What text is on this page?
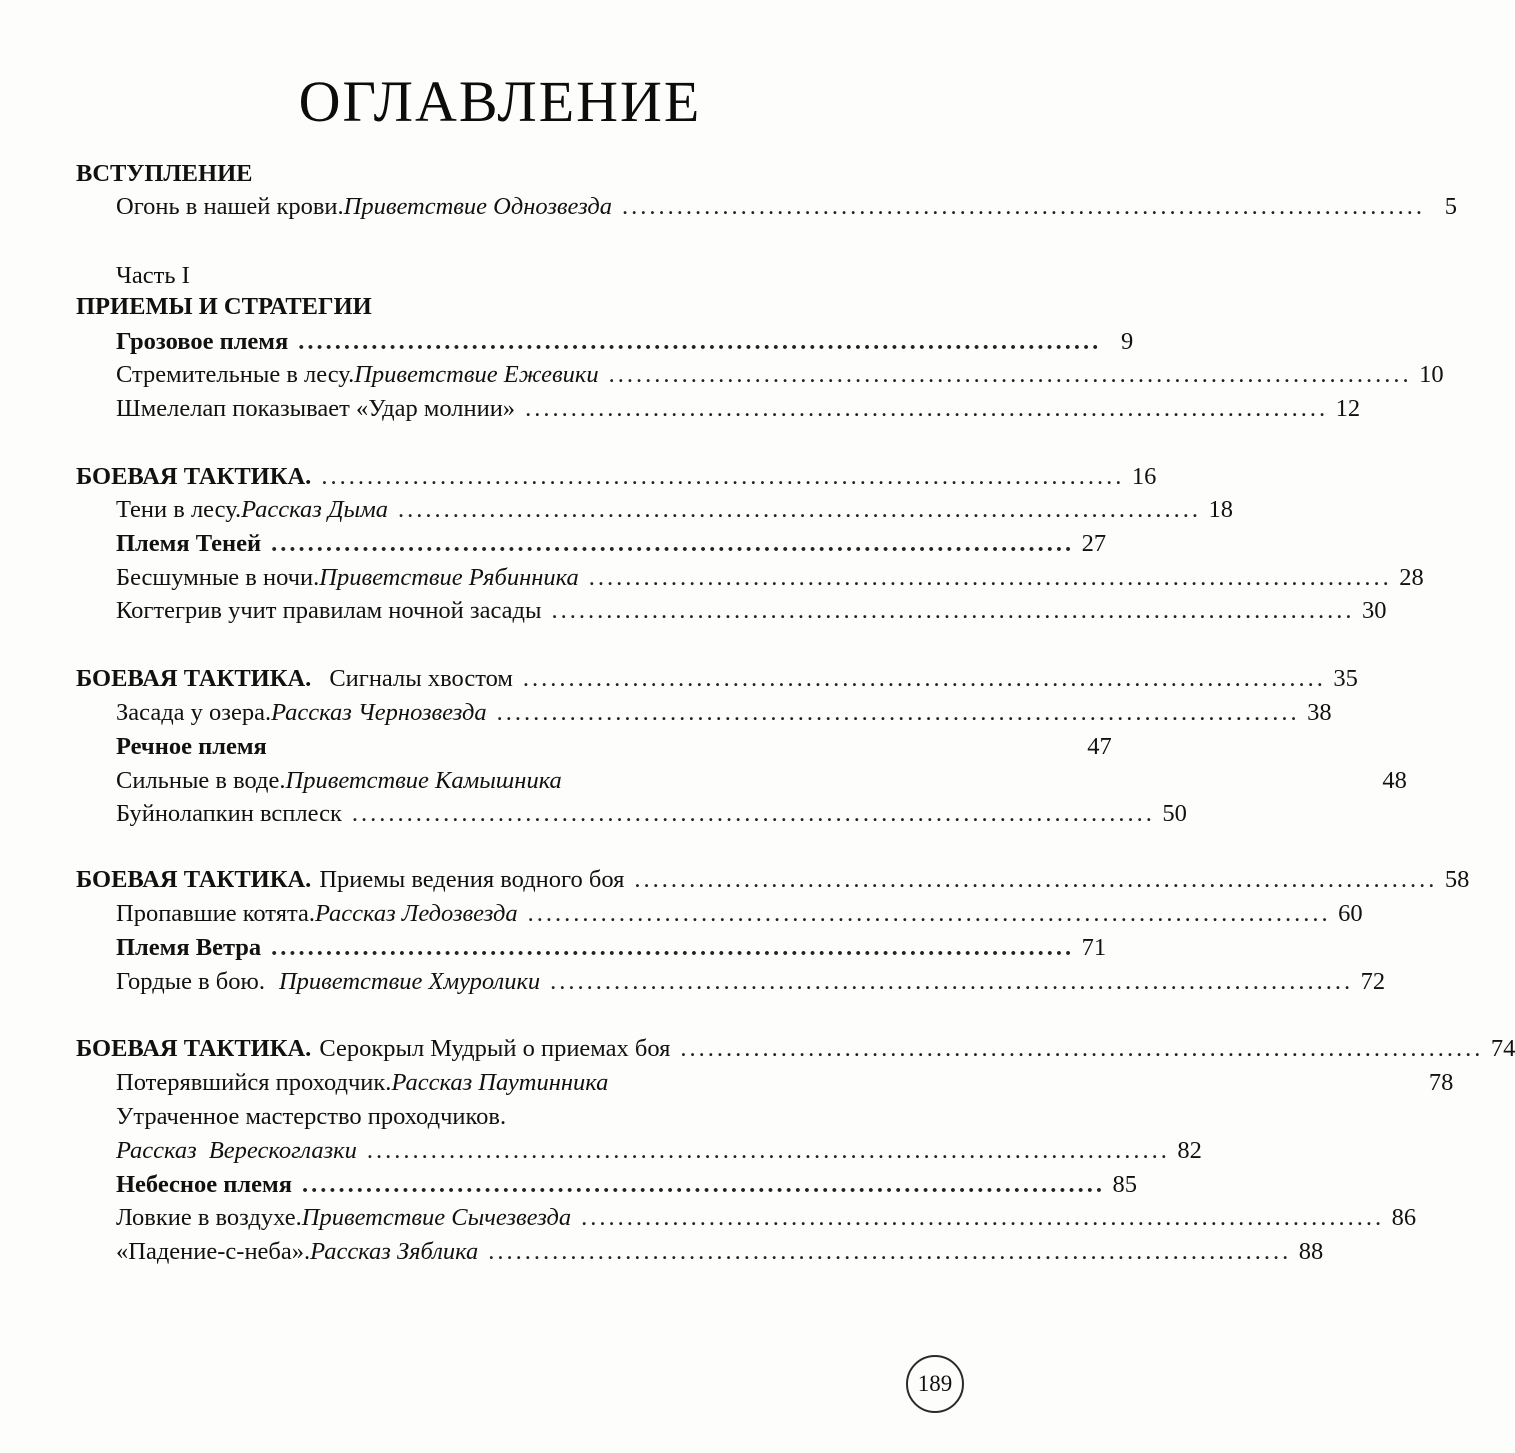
ОГЛАВЛЕНИЕ
ВСТУПЛЕНИЕ
Огонь в нашей крови. Приветствие Однозвезда ........................................................................................ 5
Часть I
ПРИЕМЫ И СТРАТЕГИИ
Грозовое племя ........................................................................................ 9
Стремительные в лесу. Приветствие Ежевики ........................................................................................ 10
Шмелелап показывает «Удар молнии» ........................................................................................ 12
БОЕВАЯ ТАКТИКА. ........................................................................................ 16
Тени в лесу. Рассказ Дыма ........................................................................................ 18
Племя Теней ........................................................................................ 27
Бесшумные в ночи. Приветствие Рябинника ........................................................................................ 28
Когтегрив учит правилам ночной засады ........................................................................................ 30
БОЕВАЯ ТАКТИКА. Сигналы хвостом ........................................................................................ 35
Засада у озера. Рассказ Чернозвезда ........................................................................................ 38
Речное племя	47
Сильные в воде. Приветствие Камышника	48
Буйнолапкин всплеск ........................................................................................ 50
БОЕВАЯ ТАКТИКА. Приемы ведения водного боя ........................................................................................ 58
Пропавшие котята. Рассказ Ледозвезда ........................................................................................ 60
Племя Ветра ........................................................................................ 71
Гордые в бою. Приветствие Хмуролики ........................................................................................ 72
БОЕВАЯ ТАКТИКА. Серокрыл Мудрый о приемах боя ........................................................................................ 74
Потерявшийся проходчик. Рассказ Паутинника	78
Утраченное мастерство проходчиков.
Рассказ Верескоглазки ........................................................................................ 82
Небесное племя ........................................................................................ 85
Ловкие в воздухе. Приветствие Сычезвезда ........................................................................................ 86
«Падение-с-неба». Рассказ Зяблика ........................................................................................ 88
189
